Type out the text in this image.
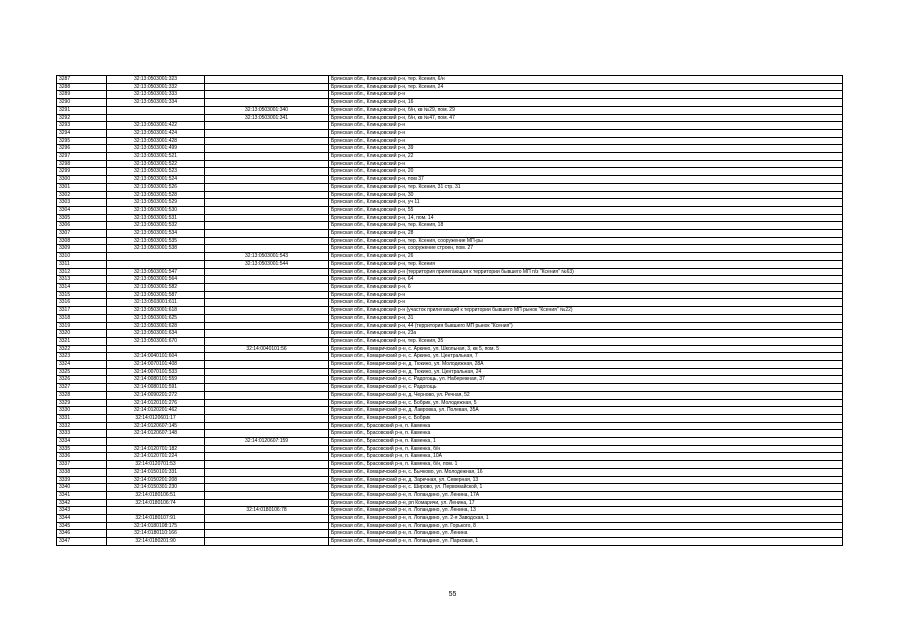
3287	32:13:0503001:323		Брянская обл., Клинцовский р-н, тер. Ксения, 6/н
3288	32:13:0503001:332		Брянская обл., Клинцовский р-н, тер. Ксения, 24
3289	32:13:0503001:333		Брянская обл., Клинцовский р-н
3290	32:13:0503001:334		Брянская обл., Клинцовский р-н, 16
3291		32:13:0503001:340	Брянская обл., Клинцовский р-н, б/н, кв №29, пом. 29
3292		32:13:0503001:341	Брянская обл., Клинцовский р-н, б/н, кв №47, пом. 47
3293	32:13:0503001:422		Брянская обл., Клинцовский р-н
3294	32:13:0503001:424		Брянская обл., Клинцовский р-н
3295	32:13:0503001:428		Брянская обл., Клинцовский р-н
3296	32:13:0503001:499		Брянская обл., Клинцовский р-н, 39
3297	32:13:0503001:521		Брянская обл., Клинцовский р-н, 22
3298	32:13:0503001:522		Брянская обл., Клинцовский р-н
3299	32:13:0503001:523		Брянская обл., Клинцовский р-н, 20
3300	32:13:0503001:524		Брянская обл., Клинцовский р-н, пом 37
3301	32:13:0503001:526		Брянская обл., Клинцовский р-н, тер. Ксения, 31 стр. 31
3302	32:13:0503001:528		Брянская обл., Клинцовский р-н, 30
3303	32:13:0503001:529		Брянская обл., Клинцовский р-н, уч 11
3304	32:13:0503001:530		Брянская обл., Клинцовский р-н, 55
3305	32:13:0503001:531		Брянская обл., Клинцовский р-н, 14, пом. 14
3306	32:13:0503001:532		Брянская обл., Клинцовский р-н, тер. Ксения, 18
3307	32:13:0503001:534		Брянская обл., Клинцовский р-н, 28
3308	32:13:0503001:535		Брянская обл., Клинцовский р-н, тер. Ксения, сооружение МП-ры
3309	32:13:0503001:538		Брянская обл., Клинцовский р-н, сооружение строен, пом. 27
3310		32:13:0503001:543	Брянская обл., Клинцовский р-н, 26
3311		32:13:0503001:544	Брянская обл., Клинцовский р-н, тер. Ксения
3312	32:13:0503001:547		Брянская обл., Клинцовский р-н (территория прилегающая к территории бывшего МП п/з "Ксения" №63)
3313	32:13:0503001:564		Брянская обл., Клинцовский р-н, 64
3314	32:13:0503001:582		Брянская обл., Клинцовский р-н, 6
3315	32:13:0503001:587		Брянская обл., Клинцовский р-н
3316	32:13:0503001:611		Брянская обл., Клинцовский р-н
3317	32:13:0503001:618		Брянская обл., Клинцовский р-н (участок прилегающий к территории бывшего МП рынок "Ксения" №22)
3318	32:13:0503001:625		Брянская обл., Клинцовский р-н, 31
3319	32:13:0503001:628		Брянская обл., Клинцовский р-н, 44 (территория бывшего МП рынок "Ксения")
3320	32:13:0503001:634		Брянская обл., Клинцовский р-н, 23а
3321	32:13:0503001:670		Брянская обл., Клинцовский р-н, тер. Ксения, 35
3322		32:14:0040101:56	Брянская обл., Комаричский р-н, с. Аркино, ул. Школьная, 3, кв 5, пом. 5
3323	32:14:0040101:604		Брянская обл., Комаричский р-н, с. Аркино, ул. Центральная, 7
3324	32:14:0070101:408		Брянская обл., Комаричский р-н, д. Тюкино, ул. Молодежная, 28А
3325	32:14:0070101:533		Брянская обл., Комаричский р-н, д. Тюкино, ул. Центральная, 24
3326	32:14:0080101:559		Брянская обл., Комаричский р-н, с. Радогощь, ул. Набережная, 37
3327	32:14:0080101:591		Брянская обл., Комаричский р-н, с. Радогощь
3328	32:14:0090201:272		Брянская обл., Комаричский р-н, д. Черново, ул. Речная, 52
3329	32:14:0120101:276		Брянская обл., Комаричский р-н, с. Бобрик, ул. Молодежная, 5
3330	32:14:0120201:462		Брянская обл., Комаричский р-н, д. Лавровка, ул. Полевая, 35А
3331	32:14:0120601:17		Брянская обл., Комаричский р-н, с. Бобрик
3332	32:14:0120607:145		Брянская обл., Брасовский р-н, п. Каменка
3333	32:14:0120607:148		Брянская обл., Брасовский р-н, п. Каменка
3334		32:14:0120607:159	Брянская обл., Брасовский р-н, п. Каменка, 1
3335	32:14:0120701:182		Брянская обл., Брасовский р-н, п. Каменка, б/н
3336	32:14:0120701:224		Брянская обл., Брасовский р-н, п. Каменка, 10А
3337	32:14:0120701:53		Брянская обл., Брасовский р-н, п. Каменка, б/н, пом. 1
3338	32:14:0150101:331		Брянская обл., Комаричский р-н, с. Бычково, ул. Молодежная, 16
3339	32:14:0150201:208		Брянская обл., Комаричский р-н, д. Заречная, ул. Северная, 13
3340	32:14:0150301:230		Брянская обл., Комаричский р-н, с. Широво, ул. Первомайской, 1
3341	32:14:0180106:51		Брянская обл., Комаричский р-н, п. Лопандино, ул. Ленина, 17А
3342	32:14:0180106:74		Брянская обл., Комаричский р-н, рп Комаричи, ул. Ленина, 17
3343		32:14:0180106:78	Брянская обл., Комаричский р-н, п. Лопандино, ул. Ленина, 13
3344	32:14:0180107:91		Брянская обл., Комаричский р-н, п. Лопандино, ул. 2-я Заводская, 1
3345	32:14:0180108:175		Брянская обл., Комаричский р-н, п. Лопандино, ул. Горького, 8
3346	32:14:0180110:166		Брянская обл., Комаричский р-н, п. Лопандино, ул. Ленина
3347	32:14:0180201:90		Брянская обл., Комаричский р-н, п. Лопандино, ул. Парковая, 1
55
